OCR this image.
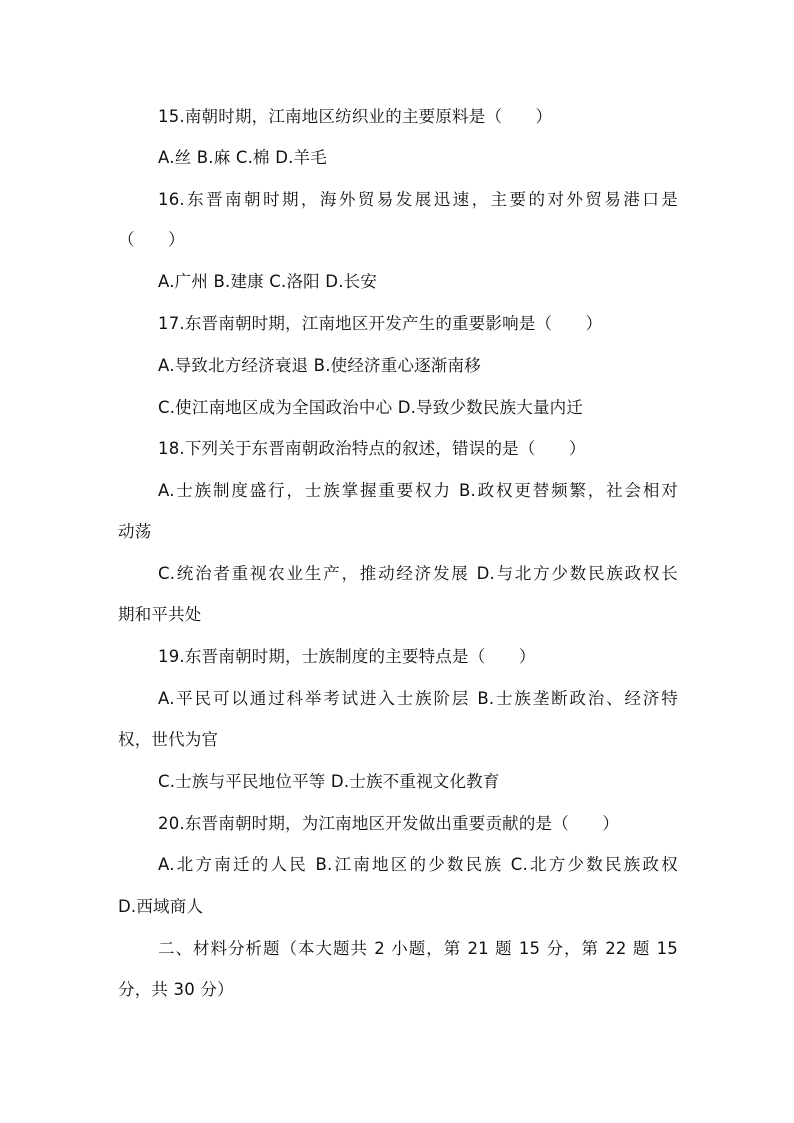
15.南朝时期，江南地区纺织业的主要原料是（　　）
A.丝 B.麻 C.棉 D.羊毛
16.东晋南朝时期，海外贸易发展迅速，主要的对外贸易港口是
（　　）
A.广州 B.建康 C.洛阳 D.长安
17.东晋南朝时期，江南地区开发产生的重要影响是（　　）
A.导致北方经济衰退 B.使经济重心逐渐南移
C.使江南地区成为全国政治中心 D.导致少数民族大量内迁
18.下列关于东晋南朝政治特点的叙述，错误的是（　　）
A.士族制度盛行，士族掌握重要权力 B.政权更替频繁，社会相对
动荡
C.统治者重视农业生产，推动经济发展 D.与北方少数民族政权长
期和平共处
19.东晋南朝时期，士族制度的主要特点是（　　）
A.平民可以通过科举考试进入士族阶层 B.士族垄断政治、经济特
权，世代为官
C.士族与平民地位平等 D.士族不重视文化教育
20.东晋南朝时期，为江南地区开发做出重要贡献的是（　　）
A.北方南迁的人民 B.江南地区的少数民族 C.北方少数民族政权
D.西域商人
二、材料分析题（本大题共 2 小题，第 21 题 15 分，第 22 题 15
分，共 30 分）
